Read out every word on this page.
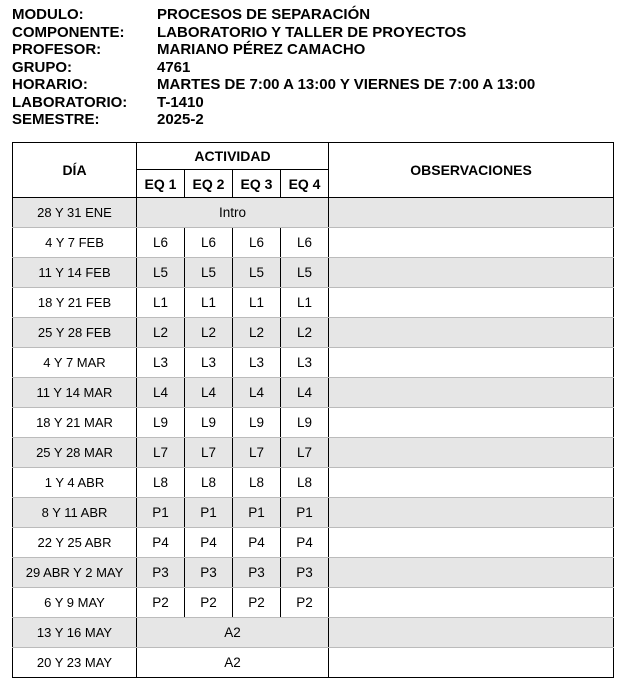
MODULO:	PROCESOS DE SEPARACIÓN
COMPONENTE:	LABORATORIO Y TALLER DE PROYECTOS
PROFESOR:	MARIANO PÉREZ CAMACHO
GRUPO:	4761
HORARIO:	MARTES DE 7:00 A 13:00 Y VIERNES DE 7:00 A 13:00
LABORATORIO:	T-1410
SEMESTRE:	2025-2
DÍA	ACTIVIDAD				OBSERVACIONES
	EQ 1	EQ 2	EQ 3	EQ 4	
28 Y 31 ENE	Intro				
4 Y 7 FEB	L6	L6	L6	L6	
11 Y 14 FEB	L5	L5	L5	L5	
18 Y 21 FEB	L1	L1	L1	L1	
25 Y 28 FEB	L2	L2	L2	L2	
4 Y 7 MAR	L3	L3	L3	L3	
11 Y 14 MAR	L4	L4	L4	L4	
18 Y 21 MAR	L9	L9	L9	L9	
25 Y 28 MAR	L7	L7	L7	L7	
1 Y 4 ABR	L8	L8	L8	L8	
8 Y 11 ABR	P1	P1	P1	P1	
22 Y 25 ABR	P4	P4	P4	P4	
29 ABR Y 2 MAY	P3	P3	P3	P3	
6 Y 9 MAY	P2	P2	P2	P2	
13 Y 16 MAY	A2				
20 Y 23 MAY	A2				
